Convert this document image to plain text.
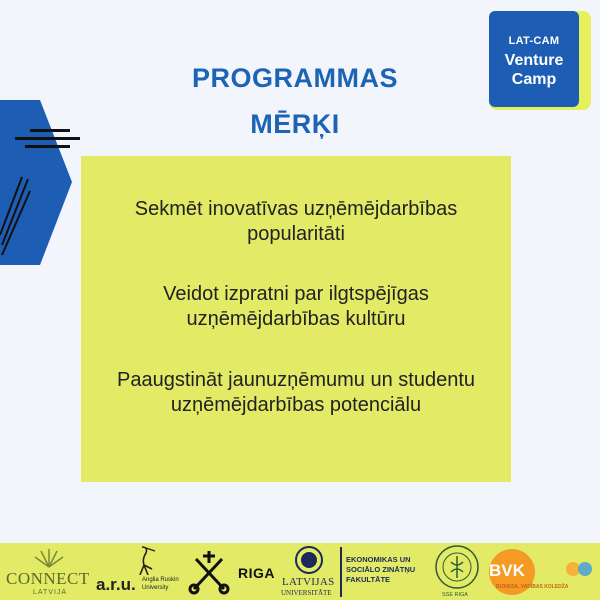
PROGRAMMAS
MĒRĶI
LAT-CAM
Venture
Camp
Sekmēt inovatīvas uzņēmējdarbības
popularitāti
Veidot izpratni par ilgtspējīgas
uzņēmējdarbības kultūru
Paaugstināt jaunuzņēmumu un studentu
uzņēmējdarbības potenciālu
CONNECT
LATVIJA a.r.u. Anglia Ruskin
University
RIGA
LATVIJAS
UNIVERSITĀTE
EKONOMIKAS UN
SOCIĀLO ZINĀTŅU
FAKULTĀTE
SSE RIGA
BVK
BIZNESA, VADĪBAS KOLEDŽA
